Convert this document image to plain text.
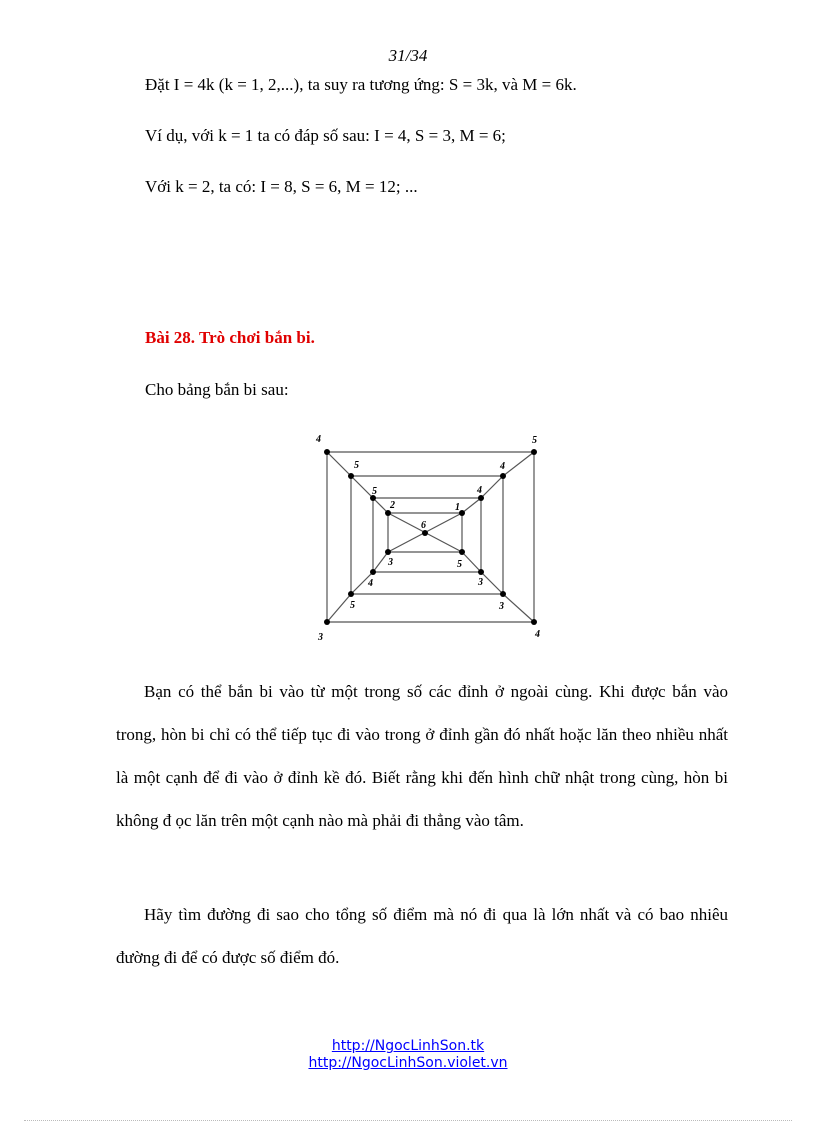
31/34
Đặt I = 4k (k = 1, 2,...), ta suy ra tương ứng: S = 3k, và M = 6k.
Ví dụ, với k = 1 ta có đáp số sau: I = 4, S = 3, M = 6;
Với k = 2, ta có: I = 8, S = 6, M = 12; ...
Bài 28. Trò chơi bắn bi.
Cho bảng bắn bi sau:
4	5
4
3
5	4
3
5
5	4
3
4
2	1
5
3
6
Bạn có thể bắn bi vào từ một trong số các đỉnh ở ngoài cùng. Khi được bắn vào trong, hòn bi chỉ có thể tiếp tục đi vào trong ở đỉnh gần đó nhất hoặc lăn theo nhiều nhất là một cạnh để đi vào ở đỉnh kề đó. Biết rằng khi đến hình chữ nhật trong cùng, hòn bi không đ ọc lăn trên một cạnh nào mà phải đi thẳng vào tâm.
Hãy tìm đường đi sao cho tổng số điểm mà nó đi qua là lớn nhất và có bao nhiêu đường đi để có được số điểm đó.
http://NgocLinhSon.tk
http://NgocLinhSon.violet.vn
